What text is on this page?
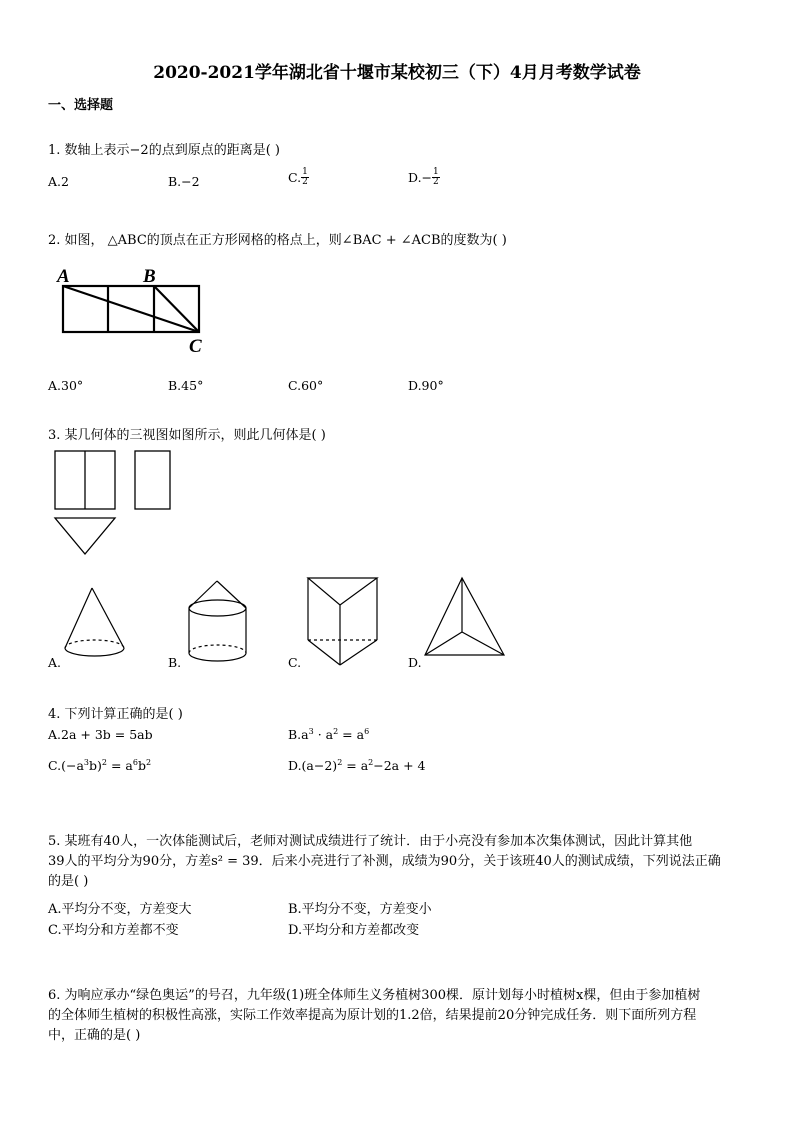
2020-2021学年湖北省十堰市某校初三（下）4月月考数学试卷
一、选择题
1. 数轴上表示−2的点到原点的距离是( )
A.2	B.−2	C. $\frac{1}{2}$	$D.- \frac{1}{2}$
2. 如图， △ABC的顶点在正方形网格的格点上，则∠BAC + ∠ACB的度数为( )
A	B
C
A.30°	B.45°	C.60°	D.90°
3. 某几何体的三视图如图所示，则此几何体是( )
A.	B.	C.	D.
4. 下列计算正确的是( )
A.2a + 3b = 5ab	$B.a^3 \cdot a^2 = a^6$
$C.(-a^3b)^2 = a^6b^2$	$D.(a-2)^2 = a^2-2a + 4$
5. 某班有40人，一次体能测试后，老师对测试成绩进行了统计．由于小亮没有参加本次集体测试，因此计算其他
39人的平均分为90分，方差s² = 39．后来小亮进行了补测，成绩为90分，关于该班40人的测试成绩，下列说法正确
的是( )
A.平均分不变，方差变大	B.平均分不变，方差变小
C.平均分和方差都不变	D.平均分和方差都改变
6. 为响应承办“绿色奥运”的号召，九年级(1)班全体师生义务植树300棵．原计划每小时植树x棵，但由于参加植树
的全体师生植树的积极性高涨，实际工作效率提高为原计划的1.2倍，结果提前20分钟完成任务．则下面所列方程
中，正确的是( )
